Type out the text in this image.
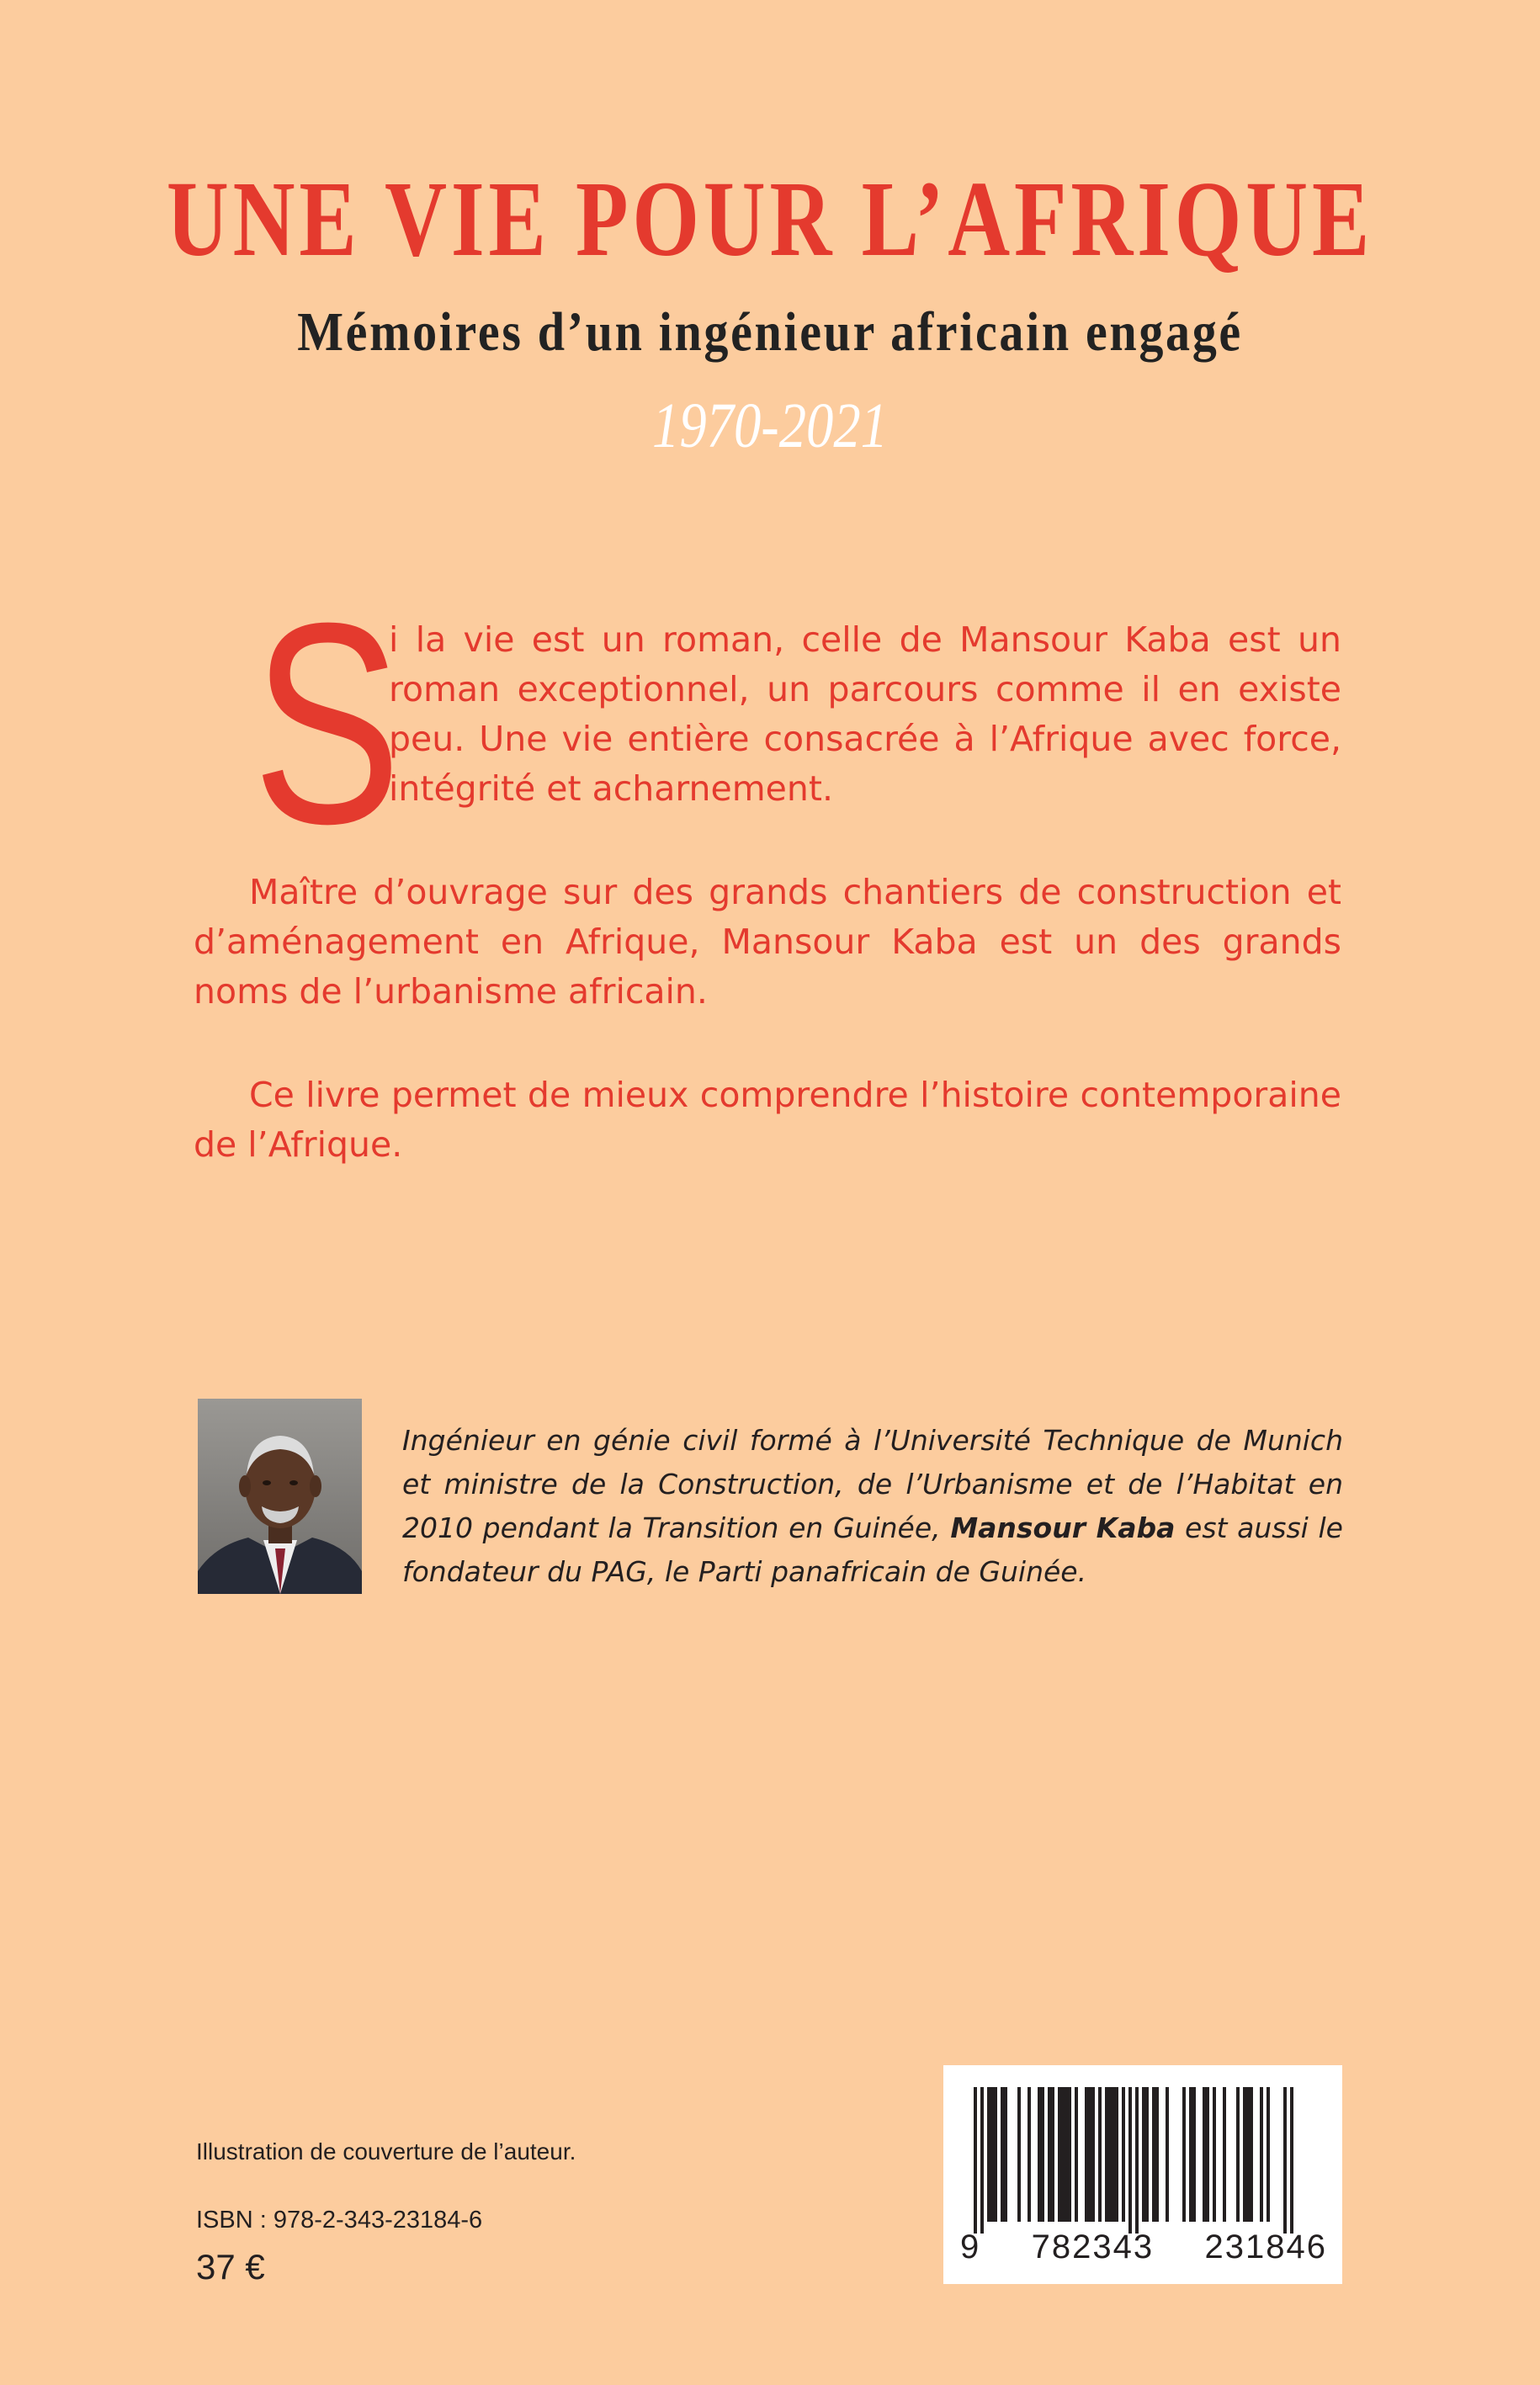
UNE VIE POUR L’AFRIQUE
Mémoires d’un ingénieur africain engagé
1970-2021
S

i la vie est un roman, celle de Mansour Kaba est un roman exceptionnel, un parcours comme il en existe peu. Une vie entière consacrée à l’Afrique avec force, intégrité et acharnement.

Maître d’ouvrage sur des grands chantiers de construction et d’aménagement en Afrique, Mansour Kaba est un des grands noms de l’urbanisme africain.

Ce livre permet de mieux comprendre l’histoire contemporaine de l’Afrique.

Ingénieur en génie civil formé à l’Université Technique de Munich et ministre de la Construction, de l’Urbanisme et de l’Habitat en 2010 pendant la Transition en Guinée, Mansour Kaba est aussi le fondateur du PAG, le Parti panafricain de Guinée.

Illustration de couverture de l’auteur.
ISBN : 978-2-343-23184-6
37 €	9 782343 231846
